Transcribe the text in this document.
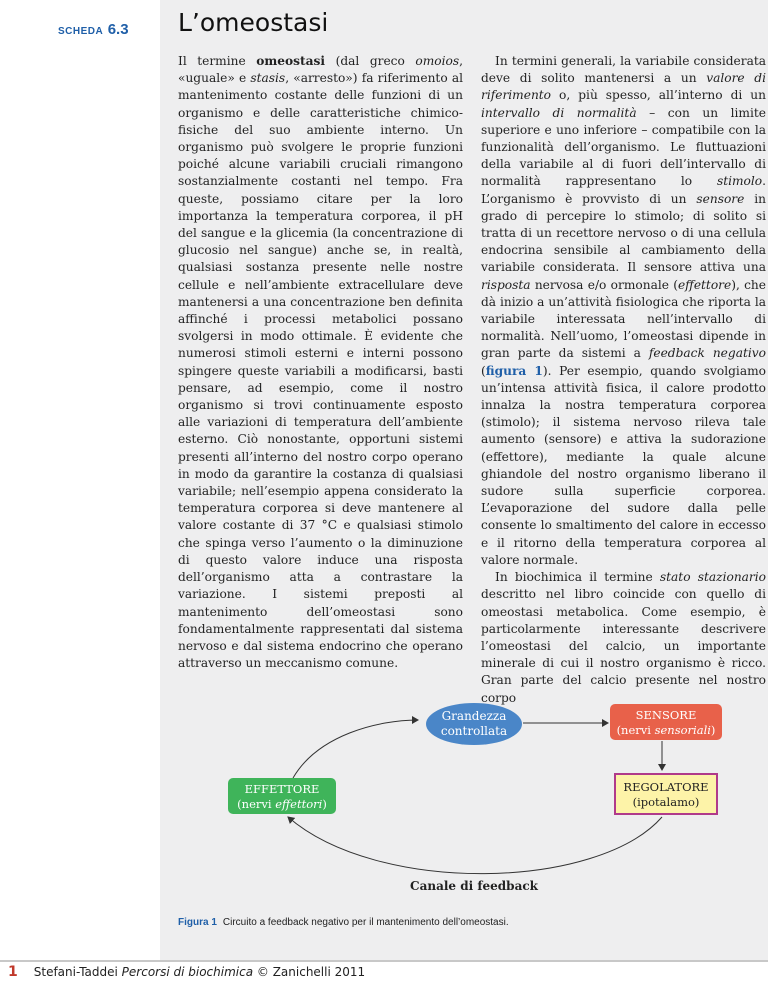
SCHEDA 6.3 L’omeostasi

Il termine omeostasi (dal greco omoios, «uguale» e stasis, «arresto») fa riferimento al mantenimento costante delle funzioni di un organismo e delle caratteristiche chimico-fisiche del suo ambiente interno. Un organismo può svolgere le proprie funzioni poiché alcune variabili cruciali rimangono sostanzialmente costanti nel tempo. Fra queste, possiamo citare per la loro importanza la temperatura corporea, il pH del sangue e la glicemia (la concentrazione di glucosio nel sangue) anche se, in realtà, qualsiasi sostanza presente nelle nostre cellule e nell’ambiente extracellulare deve mantenersi a una concentrazione ben definita affinché i processi metabolici possano svolgersi in modo ottimale. È evidente che numerosi stimoli esterni e interni possono spingere queste variabili a modificarsi, basti pensare, ad esempio, come il nostro organismo si trovi continuamente esposto alle variazioni di temperatura dell’ambiente esterno. Ciò nonostante, opportuni sistemi presenti all’interno del nostro corpo operano in modo da garantire la costanza di qualsiasi variabile; nell’esempio appena considerato la temperatura corporea si deve mantenere al valore costante di 37 °C e qualsiasi stimolo che spinga verso l’aumento o la diminuzione di questo valore induce una risposta dell’organismo atta a contrastare la variazione. I sistemi preposti al mantenimento dell’omeostasi sono fondamentalmente rappresentati dal sistema nervoso e dal sistema endocrino che operano attraverso un meccanismo comune.

In termini generali, la variabile considerata deve di solito mantenersi a un valore di riferimento o, più spesso, all’interno di un intervallo di normalità – con un limite superiore e uno inferiore – compatibile con la funzionalità dell’organismo. Le fluttuazioni della variabile al di fuori dell’intervallo di normalità rappresentano lo stimolo. L’organismo è provvisto di un sensore in grado di percepire lo stimolo; di solito si tratta di un recettore nervoso o di una cellula endocrina sensibile al cambiamento della variabile considerata. Il sensore attiva una risposta nervosa e/o ormonale (effettore), che dà inizio a un’attività fisiologica che riporta la variabile interessata nell’intervallo di normalità. Nell’uomo, l’omeostasi dipende in gran parte da sistemi a feedback negativo (figura 1). Per esempio, quando svolgiamo un’intensa attività fisica, il calore prodotto innalza la nostra temperatura corporea (stimolo); il sistema nervoso rileva tale aumento (sensore) e attiva la sudorazione (effettore), mediante la quale alcune ghiandole del nostro organismo liberano il sudore sulla superficie corporea. L’evaporazione del sudore dalla pelle consente lo smaltimento del calore in eccesso e il ritorno della temperatura corporea al valore normale.

In biochimica il termine stato stazionario descritto nel libro coincide con quello di omeostasi metabolica. Come esempio, è particolarmente interessante descrivere l’omeostasi del calcio, un importante minerale di cui il nostro organismo è ricco. Gran parte del calcio presente nel nostro corpo

Grandezza
controllata
SENSORE
(nervi sensoriali)
REGOLATORE
(ipotalamo)
EFFETTORE
(nervi effettori)
Canale di feedback
Figura 1 Circuito a feedback negativo per il mantenimento dell’omeostasi.
1 Stefani-Taddei Percorsi di biochimica © Zanichelli 2011
